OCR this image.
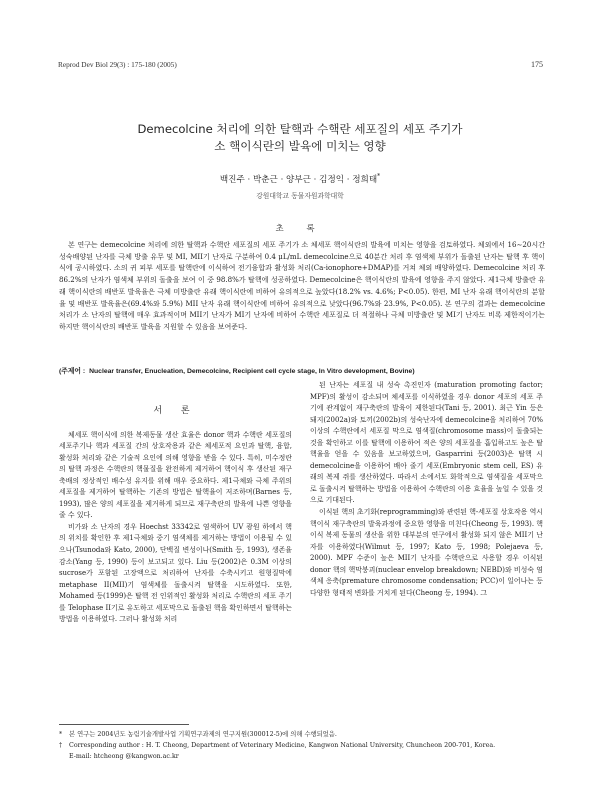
Reprod Dev Biol 29(3) : 175-180 (2005)	175
Demecolcine 처리에 의한 탈핵과 수핵란 세포질의 세포 주기가
소 핵이식란의 발육에 미치는 영향
백진주 · 박춘근 · 양부근 · 김정익 · 정희태*
강원대학교 동물자원과학대학
초 록

본 연구는 demecolcine 처리에 의한 탈핵과 수핵란 세포질의 세포 주기가 소 체세포 핵이식란의 발육에 미치는 영향을 검토하였다. 체외에서 16∼20시간 성숙배양된 난자를 극체 방출 유무 및 MI, MII기 난자로 구분하여 0.4 μL/mL demecolcine으로 40분간 처리 후 염색체 부위가 돌출된 난자는 탈핵 후 핵이식에 공시하였다. 소의 귀 피부 세포를 탈핵란에 이식하여 전기융합과 활성화 처리(Ca-ionophore+DMAP)를 거쳐 체외 배양하였다. Demecolcine 처리 후 86.2%의 난자가 염색체 부위의 돌출을 보여 이 중 98.8%가 탈핵에 성공하였다. Demecolcine은 핵이식란의 발육에 영향을 주지 않았다. 제1극체 방출란 유래 핵이식란의 배반포 발육율은 극체 미방출란 유래 핵이식란에 비하여 유의적으로 높았다(18.2% vs. 4.6%; P<0.05). 한편, MI 난자 유래 핵이식란의 분할율 및 배반포 발육율은(69.4%와 5.9%) MII 난자 유래 핵이식란에 비하여 유의적으로 낮았다(96.7%와 23.9%, P<0.05). 본 연구의 결과는 demecolcine 처리가 소 난자의 탈핵에 매우 효과적이며 MII기 난자가 MI기 난자에 비하여 수핵란 세포질로 더 적절하나 극체 미방출란 및 MI기 난자도 비록 제한적이기는 하지만 핵이식란의 배반포 발육을 지원할 수 있음을 보여준다.

(주제어 : Nuclear transfer, Enucleation, Demecolcine, Recipient cell cycle stage, In Vitro development, Bovine)
서 론

체세포 핵이식에 의한 복제동물 생산 효율은 donor 핵과 수핵란 세포질의 세포주기나 핵과 세포질 간의 상호작용과 같은 체세포적 요인과 탈핵, 융합, 활성화 처리와 같은 기술적 요인에 의해 영향을 받을 수 있다. 특히, 미수정란의 탈핵 과정은 수핵란의 핵물질을 완전하게 제거하여 핵이식 후 생산된 재구축배의 정상적인 배수성 유지를 위해 매우 중요하다. 제1극체와 극체 주위의 세포질을 제거하여 탈핵하는 기존의 방법은 탈핵율이 저조하며(Barnes 등, 1993), 많은 양의 세포질을 제거하게 되므로 재구축란의 발육에 나쁜 영향을 줄 수 있다.

비가와 소 난자의 경우 Hoechst 33342로 염색하여 UV 광원 하에서 핵의 위치를 확인한 후 제1극체와 중기 염색체를 제거하는 방법이 이용될 수 있으나(Tsunoda와 Kato, 2000), 단백질 변성이나(Smith 등, 1993), 생존율 감소(Yang 등, 1990) 등이 보고되고 있다. Liu 등(2002)은 0.3M 이상의 sucrose가 포함된 고장액으로 처리하여 난자를 수축시키고 원형질막에 metaphase II(MII)기 염색체를 돌출시켜 탈핵을 시도하였다. 또한, Mohamed 등(1999)은 탈핵 전 인위적인 활성화 처리로 수핵란의 세포 주기를 Telophase II기로 유도하고 세포막으로 돌출된 핵을 확인하면서 탈핵하는 방법을 이용하였다. 그러나 활성화 처리

된 난자는 세포질 내 성숙 촉진인자 (maturation promoting factor; MPF)의 활성이 감소되며 체세포를 이식하였을 경우 donor 세포의 세포 주기에 관계없이 재구축란의 발육이 제한된다(Tani 등, 2001). 최근 Yin 등은 돼지(2002a)와 토끼(2002b)의 성숙난자에 demecolcine을 처리하여 70% 이상의 수핵란에서 세포질 막으로 염색질(chromosome mass)이 돌출되는 것을 확인하고 이를 탈핵에 이용하여 적은 양의 세포질을 흡입하고도 높은 탈핵율을 얻을 수 있음을 보고하였으며, Gasparrini 등(2003)은 탈핵 시 demecolcine을 이용하여 배아 줄기 세포(Embryonic stem cell, ES) 유래의 복제 쥐를 생산하였다. 따라서 소에서도 화학적으로 염색질을 세포막으로 돌출시켜 탈핵하는 방법을 이용하여 수핵란의 이용 효율을 높일 수 있을 것으로 기대된다.

이식된 핵의 초기화(reprogramming)와 관련된 핵-세포질 상호작용 역시 핵이식 재구축란의 발육과정에 중요한 영향을 미친다(Cheong 등, 1993). 핵이식 복제 동물의 생산을 위한 대부분의 연구에서 활성화 되지 않은 MII기 난자를 이용하였다(Wilmut 등, 1997; Kato 등, 1998; Polejaeva 등, 2000). MPF 수준이 높은 MII기 난자를 수핵란으로 사용할 경우 이식된 donor 핵의 핵막붕괴(nuclear envelop breakdown; NEBD)와 비성숙 염색체 응축(premature chromosome condensation; PCC)이 일어나는 등 다양한 형태적 변화를 거치게 된다(Cheong 등, 1994). 그

* 본 연구는 2004년도 농림기술개발사업 기획연구과제의 연구지원(300012-5)에 의해 수행되었음.
† Corresponding author : H. T. Cheong, Department of Veterinary Medicine, Kangwon National University, Chuncheon 200-701, Korea.
E-mail: htcheong @kangwon.ac.kr
